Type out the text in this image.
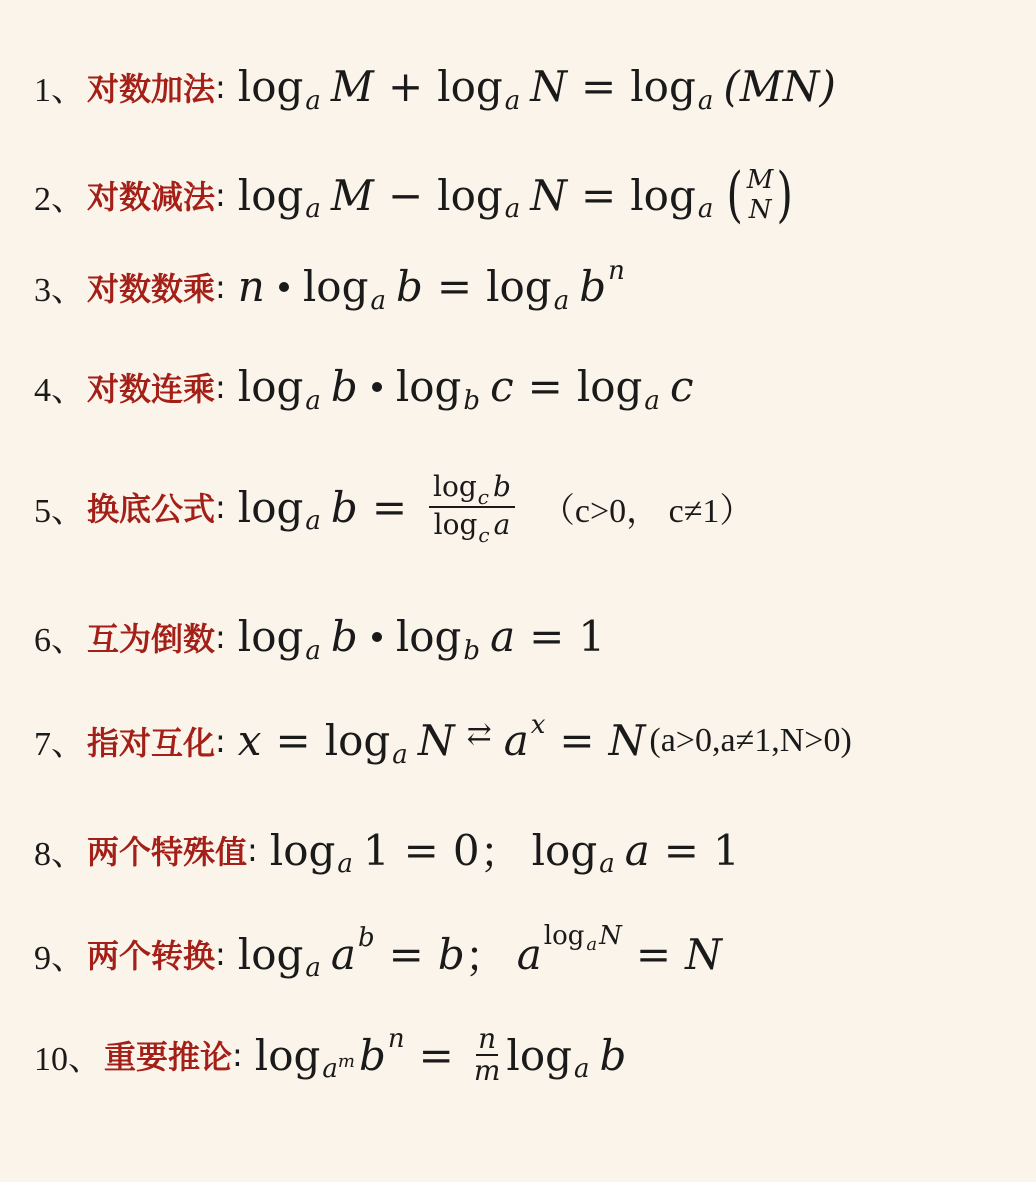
1、 对数加法 : log a M + log a N = log a (MN)
2、 对数减法 : log a M − log a N = log a ( M
N )
3、 对数数乘 : n log a b = log a b n
4、 对数连乘 : log a b log b c = log a c
5、 换底公式 : log a $b = \frac{\log_c b}{\log_c a} (c>0$， c≠1）
6、 互为倒数 : log a b log b a = 1
7、 指对互化 : x = log a N ⇄ a x = N (a>0,a≠1,N>0)
8、 两个特殊值 : log a 1 = 0 ； log a a = 1
9、 两个转换 : log a a b = b ； a log a N = N
10、 重要推论 : $\log a^m$ b $n = \frac{n}{m}$ log a b
